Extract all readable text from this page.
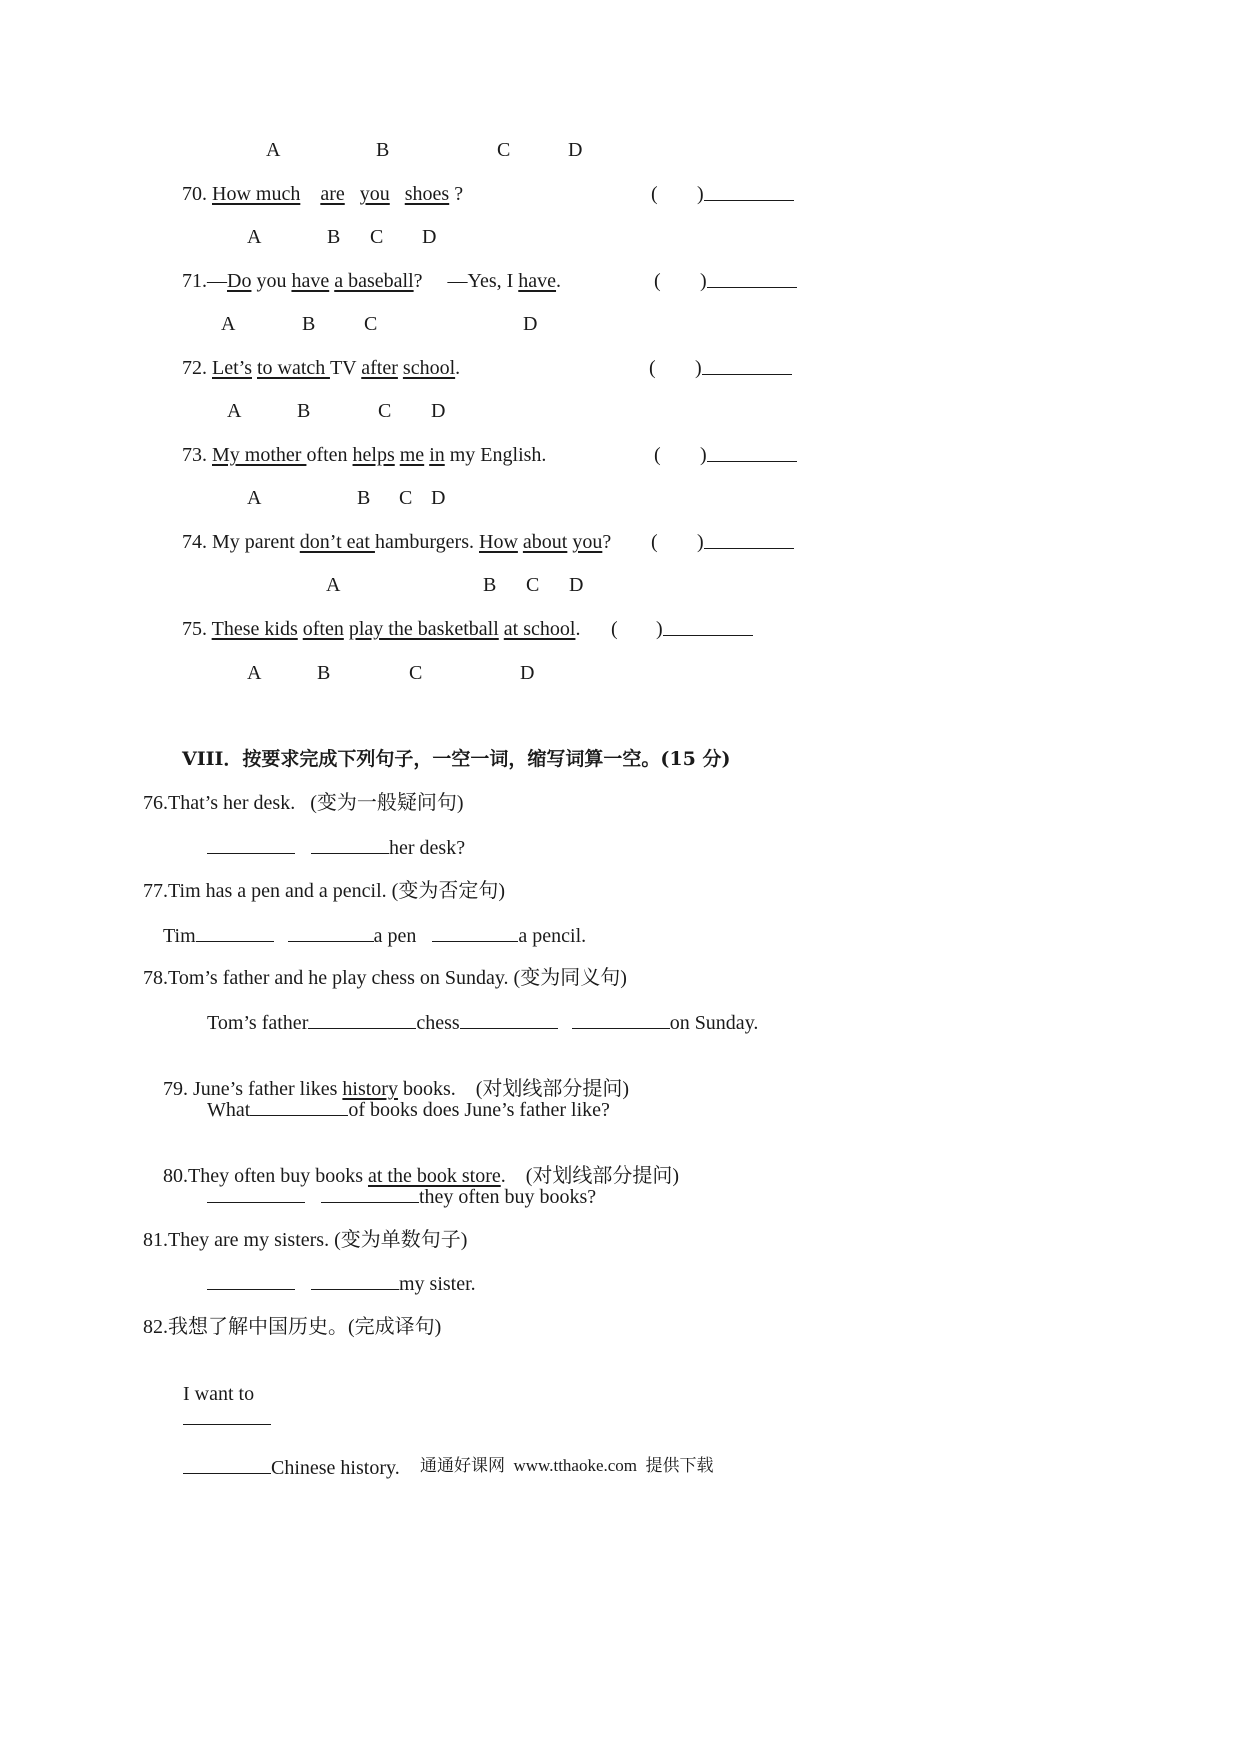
A	B	C	D
70. How much are you shoes ?	( )
A	B C D
71.—Do you have a baseball?     —Yes, I have.	( )
A	B C	D
72. Let’s to watch TV after school.	( )
A	B	C D
73. My mother often helps me in my English.	( )
A	B C D
74. My parent don’t eat hamburgers. How about you? ( )
A	B C D
75. These kids often play the basketball at school. ( )
A	B	C	D
VIII．按要求完成下列句子，一空一词，缩写词算一空。(15 分)
76.That’s her desk.   (变为一般疑问句)
her desk?
77.Tim has a pen and a pencil. (变为否定句)
Tim	a pen	a pencil.
78.Tom’s father and he play chess on Sunday. (变为同义句)
Tom’s father	chess	on Sunday.

79. June’s father likes history books.    (对划线部分提问)

What	of books does June’s father like?

80.They often buy books at the book store.    (对划线部分提问)

they often buy books?
81.They are my sisters. (变为单数句子)
my sister.
82.我想了解中国历史。(完成译句)

I want to

Chinese history.
通通好课网  www.tthaoke.com  提供下载
